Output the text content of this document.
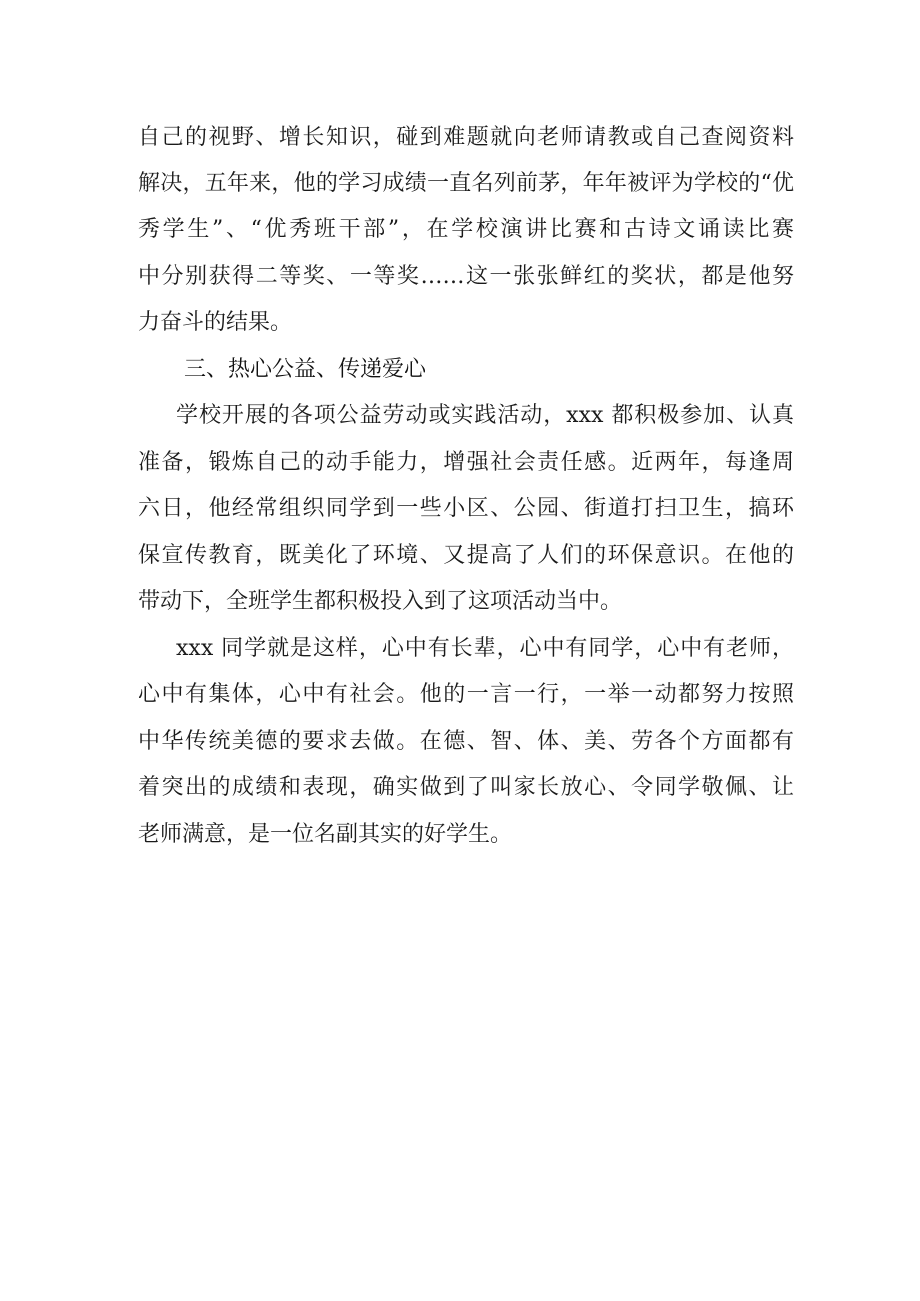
自己的视野、增长知识，碰到难题就向老师请教或自己查阅资料
解决，五年来，他的学习成绩一直名列前茅，年年被评为学校的“优
秀学生”、“优秀班干部”，在学校演讲比赛和古诗文诵读比赛
中分别获得二等奖、一等奖……这一张张鲜红的奖状，都是他努
力奋斗的结果。
三、热心公益、传递爱心
学校开展的各项公益劳动或实践活动，xxx 都积极参加、认真
准备，锻炼自己的动手能力，增强社会责任感。近两年，每逢周
六日，他经常组织同学到一些小区、公园、街道打扫卫生，搞环
保宣传教育，既美化了环境、又提高了人们的环保意识。在他的
带动下，全班学生都积极投入到了这项活动当中。
xxx 同学就是这样，心中有长辈，心中有同学，心中有老师，
心中有集体，心中有社会。他的一言一行，一举一动都努力按照
中华传统美德的要求去做。在德、智、体、美、劳各个方面都有
着突出的成绩和表现，确实做到了叫家长放心、令同学敬佩、让
老师满意，是一位名副其实的好学生。
